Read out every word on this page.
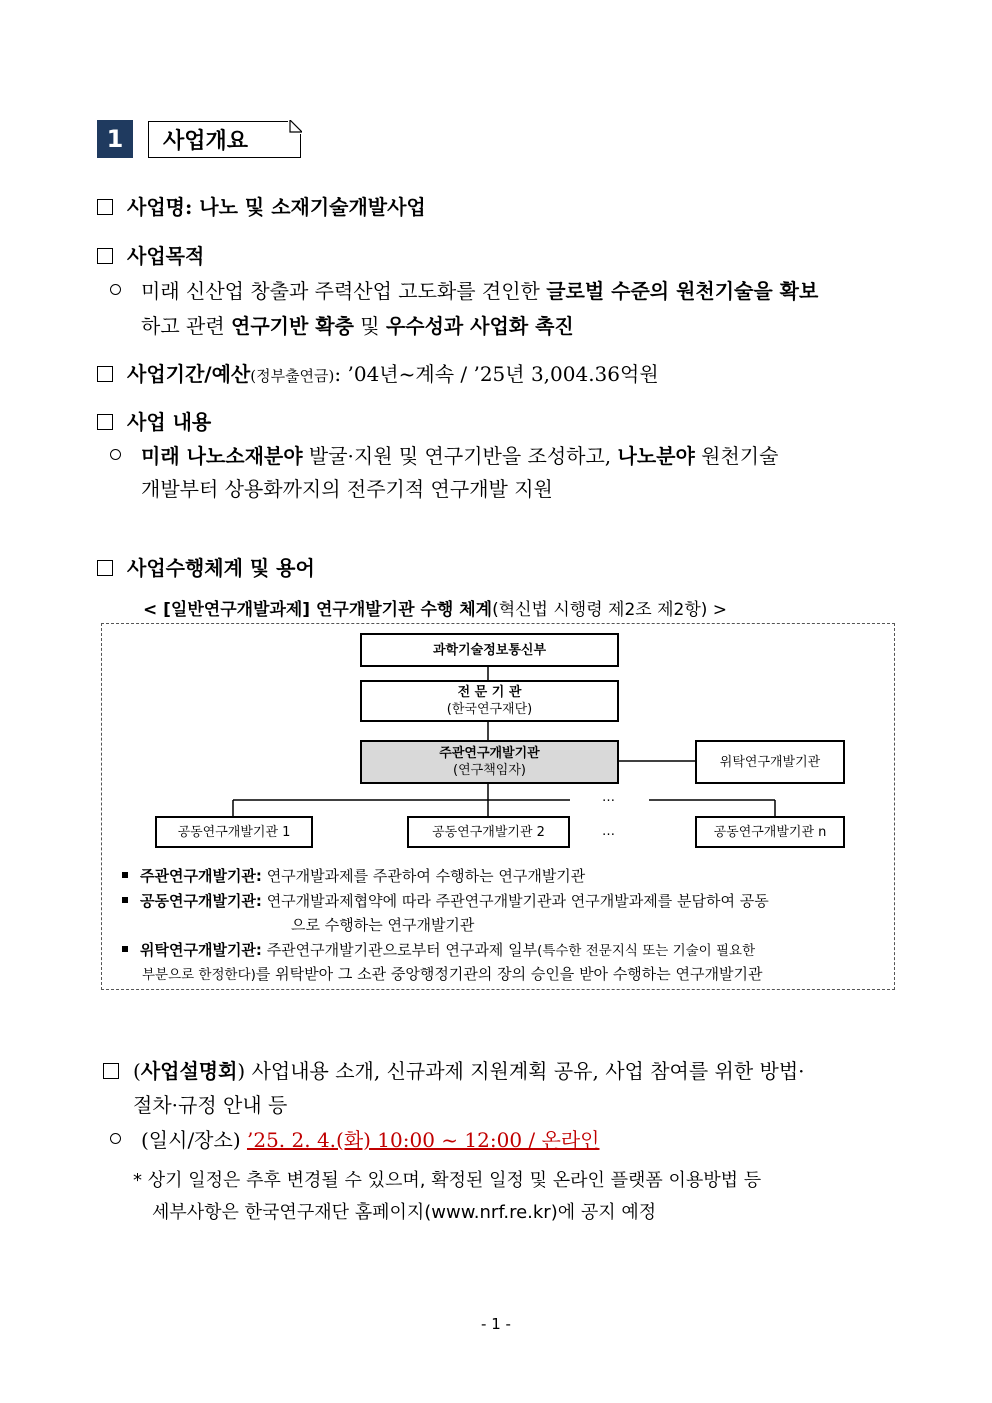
1	사업개요
사업명: 나노 및 소재기술개발사업
사업목적
미래 신산업 창출과 주력산업 고도화를 견인한 글로벌 수준의 원천기술을 확보
하고 관련 연구기반 확충 및 우수성과 사업화 촉진
사업기간/예산(정부출연금): ’04년~계속 / ’25년 3,004.36억원
사업 내용
미래 나노소재분야 발굴·지원 및 연구기반을 조성하고, 나노분야 원천기술
개발부터 상용화까지의 전주기적 연구개발 지원
사업수행체계 및 용어
< [일반연구개발과제] 연구개발기관 수행 체계(혁신법 시행령 제2조 제2항) >
과학기술정보통신부
전 문 기 관
(한국연구재단)
주관연구개발기관
(연구책임자)
위탁연구개발기관
…
공동연구개발기관 1	공동연구개발기관 2	…	공동연구개발기관 n
주관연구개발기관: 연구개발과제를 주관하여 수행하는 연구개발기관
공동연구개발기관: 연구개발과제협약에 따라 주관연구개발기관과 연구개발과제를 분담하여 공동
으로 수행하는 연구개발기관
위탁연구개발기관: 주관연구개발기관으로부터 연구과제 일부(특수한 전문지식 또는 기술이 필요한
부분으로 한정한다)를 위탁받아 그 소관 중앙행정기관의 장의 승인을 받아 수행하는 연구개발기관
(사업설명회) 사업내용 소개, 신규과제 지원계획 공유, 사업 참여를 위한 방법·
절차·규정 안내 등
(일시/장소) ’25. 2. 4.(화) 10:00 ~ 12:00 / 온라인
* 상기 일정은 추후 변경될 수 있으며, 확정된 일정 및 온라인 플랫폼 이용방법 등
세부사항은 한국연구재단 홈페이지(www.nrf.re.kr)에 공지 예정
- 1 -
